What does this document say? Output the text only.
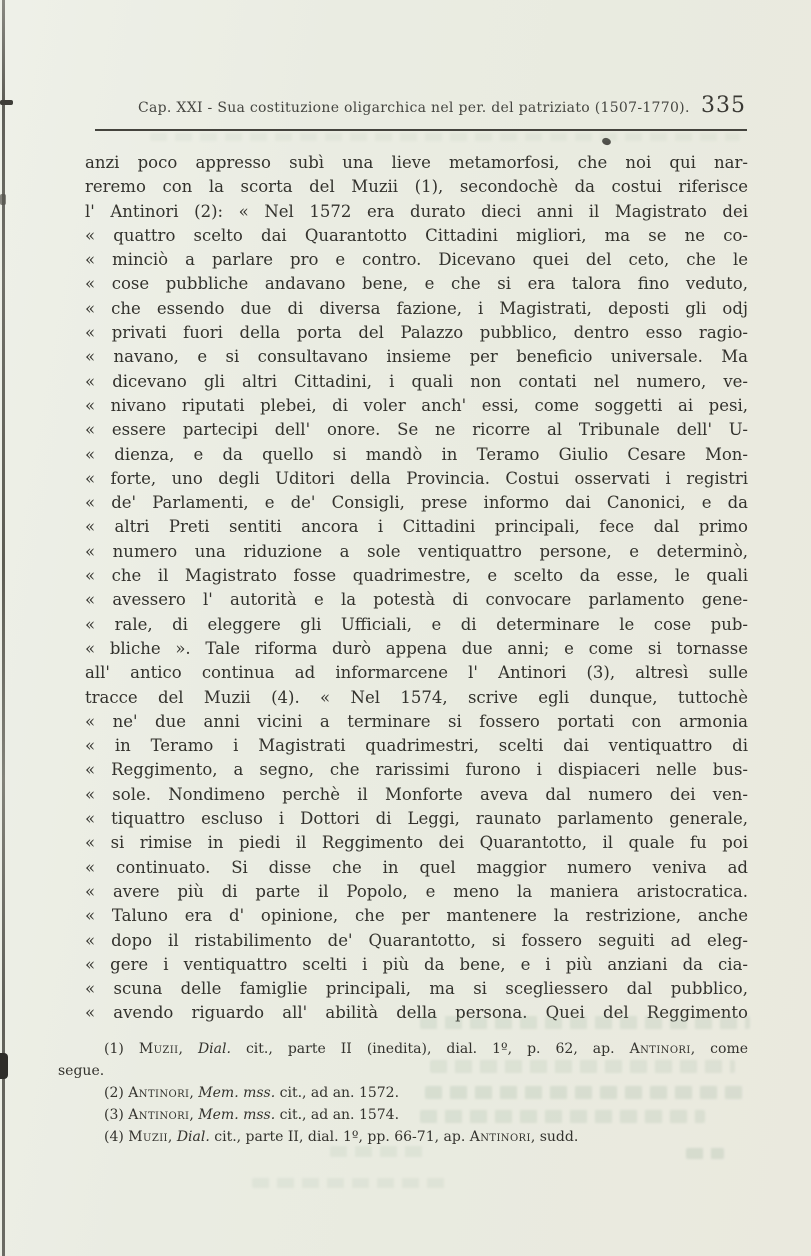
Cap. XXI - Sua costituzione oligarchica nel per. del patriziato (1507-1770). 335
anzi poco appresso subì una lieve metamorfosi, che noi qui nar-
reremo con la scorta del Muzii (1), secondochè da costui riferisce
l' Antinori (2): « Nel 1572 era durato dieci anni il Magistrato dei
« quattro scelto dai Quarantotto Cittadini migliori, ma se ne co-
« minciò a parlare pro e contro. Dicevano quei del ceto, che le
« cose pubbliche andavano bene, e che si era talora fino veduto,
« che essendo due di diversa fazione, i Magistrati, deposti gli odj
« privati fuori della porta del Palazzo pubblico, dentro esso ragio-
« navano, e si consultavano insieme per beneficio universale. Ma
« dicevano gli altri Cittadini, i quali non contati nel numero, ve-
« nivano riputati plebei, di voler anch' essi, come soggetti ai pesi,
« essere partecipi dell' onore. Se ne ricorre al Tribunale dell' U-
« dienza, e da quello si mandò in Teramo Giulio Cesare Mon-
« forte, uno degli Uditori della Provincia. Costui osservati i registri
« de' Parlamenti, e de' Consigli, prese informo dai Canonici, e da
« altri Preti sentiti ancora i Cittadini principali, fece dal primo
« numero una riduzione a sole ventiquattro persone, e determinò,
« che il Magistrato fosse quadrimestre, e scelto da esse, le quali
« avessero l' autorità e la potestà di convocare parlamento gene-
« rale, di eleggere gli Ufficiali, e di determinare le cose pub-
« bliche ». Tale riforma durò appena due anni; e come si tornasse
all' antico continua ad informarcene l' Antinori (3), altresì sulle
tracce del Muzii (4). « Nel 1574, scrive egli dunque, tuttochè
« ne' due anni vicini a terminare si fossero portati con armonia
« in Teramo i Magistrati quadrimestri, scelti dai ventiquattro di
« Reggimento, a segno, che rarissimi furono i dispiaceri nelle bus-
« sole. Nondimeno perchè il Monforte aveva dal numero dei ven-
« tiquattro escluso i Dottori di Leggi, raunato parlamento generale,
« si rimise in piedi il Reggimento dei Quarantotto, il quale fu poi
« continuato. Si disse che in quel maggior numero veniva ad
« avere più di parte il Popolo, e meno la maniera aristocratica.
« Taluno era d' opinione, che per mantenere la restrizione, anche
« dopo il ristabilimento de' Quarantotto, si fossero seguiti ad eleg-
« gere i ventiquattro scelti i più da bene, e i più anziani da cia-
« scuna delle famiglie principali, ma si scegliessero dal pubblico,
« avendo riguardo all' abilità della persona. Quei del Reggimento
(1) Muzii, Dial. cit., parte II (inedita), dial. 1º, p. 62, ap. Antinori, come
segue.
(2) Antinori, Mem. mss. cit., ad an. 1572.
(3) Antinori, Mem. mss. cit., ad an. 1574.
(4) Muzii, Dial. cit., parte II, dial. 1º, pp. 66-71, ap. Antinori, sudd.
